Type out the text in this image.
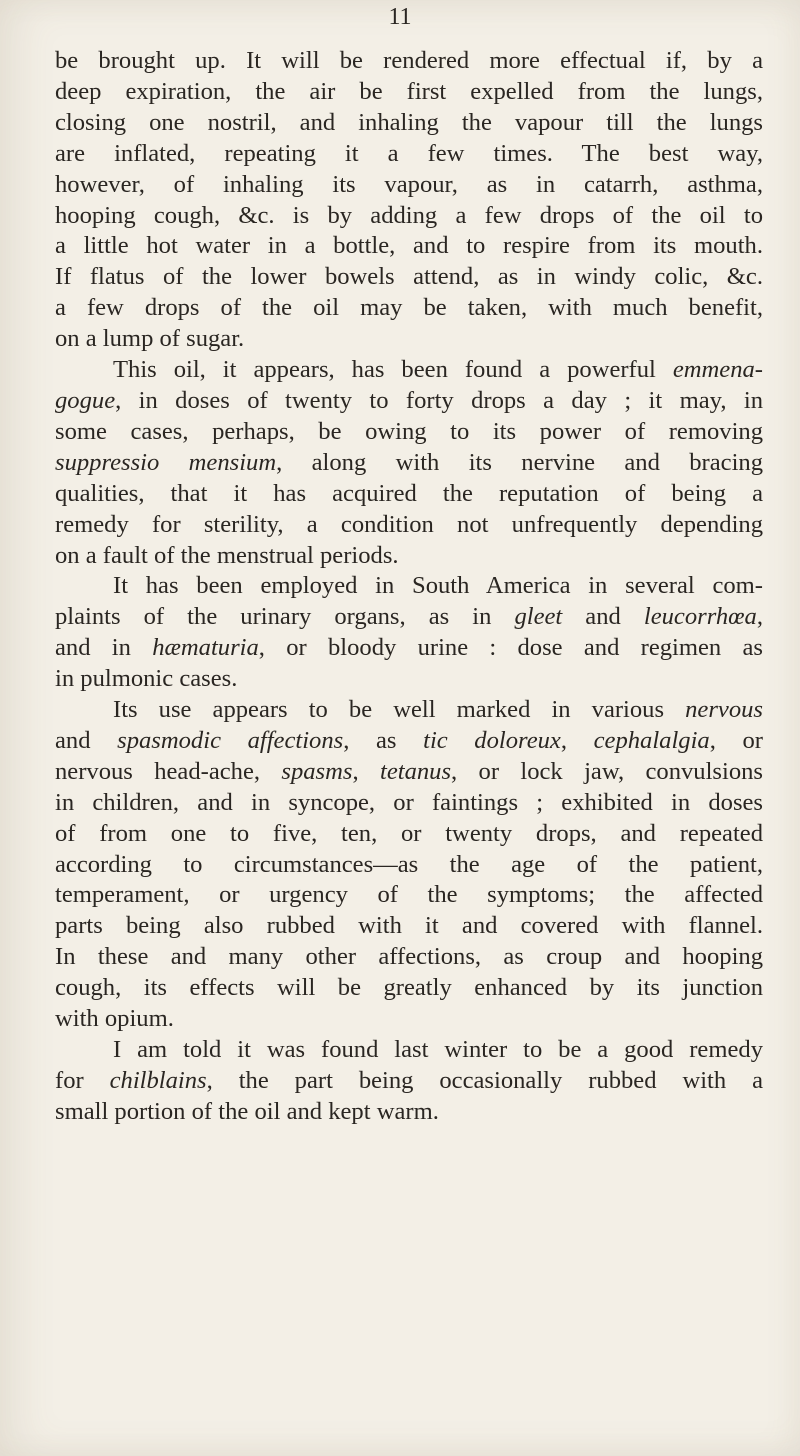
11
be brought up. It will be rendered more effectual if, by a
deep expiration, the air be first expelled from the lungs,
closing one nostril, and inhaling the vapour till the lungs
are inflated, repeating it a few times. The best way,
however, of inhaling its vapour, as in catarrh, asthma,
hooping cough, &c. is by adding a few drops of the oil to
a little hot water in a bottle, and to respire from its mouth.
If flatus of the lower bowels attend, as in windy colic, &c.
a few drops of the oil may be taken, with much benefit,
on a lump of sugar.
This oil, it appears, has been found a powerful emmena-
gogue, in doses of twenty to forty drops a day ; it may, in
some cases, perhaps, be owing to its power of removing
suppressio mensium, along with its nervine and bracing
qualities, that it has acquired the reputation of being a
remedy for sterility, a condition not unfrequently depending
on a fault of the menstrual periods.
It has been employed in South America in several com-
plaints of the urinary organs, as in gleet and leucorrhœa,
and in hæmaturia, or bloody urine : dose and regimen as
in pulmonic cases.
Its use appears to be well marked in various nervous
and spasmodic affections, as tic doloreux, cephalalgia, or
nervous head-ache, spasms, tetanus, or lock jaw, convulsions
in children, and in syncope, or faintings ; exhibited in doses
of from one to five, ten, or twenty drops, and repeated
according to circumstances—as the age of the patient,
temperament, or urgency of the symptoms; the affected
parts being also rubbed with it and covered with flannel.
In these and many other affections, as croup and hooping
cough, its effects will be greatly enhanced by its junction
with opium.
I am told it was found last winter to be a good remedy
for chilblains, the part being occasionally rubbed with a
small portion of the oil and kept warm.
